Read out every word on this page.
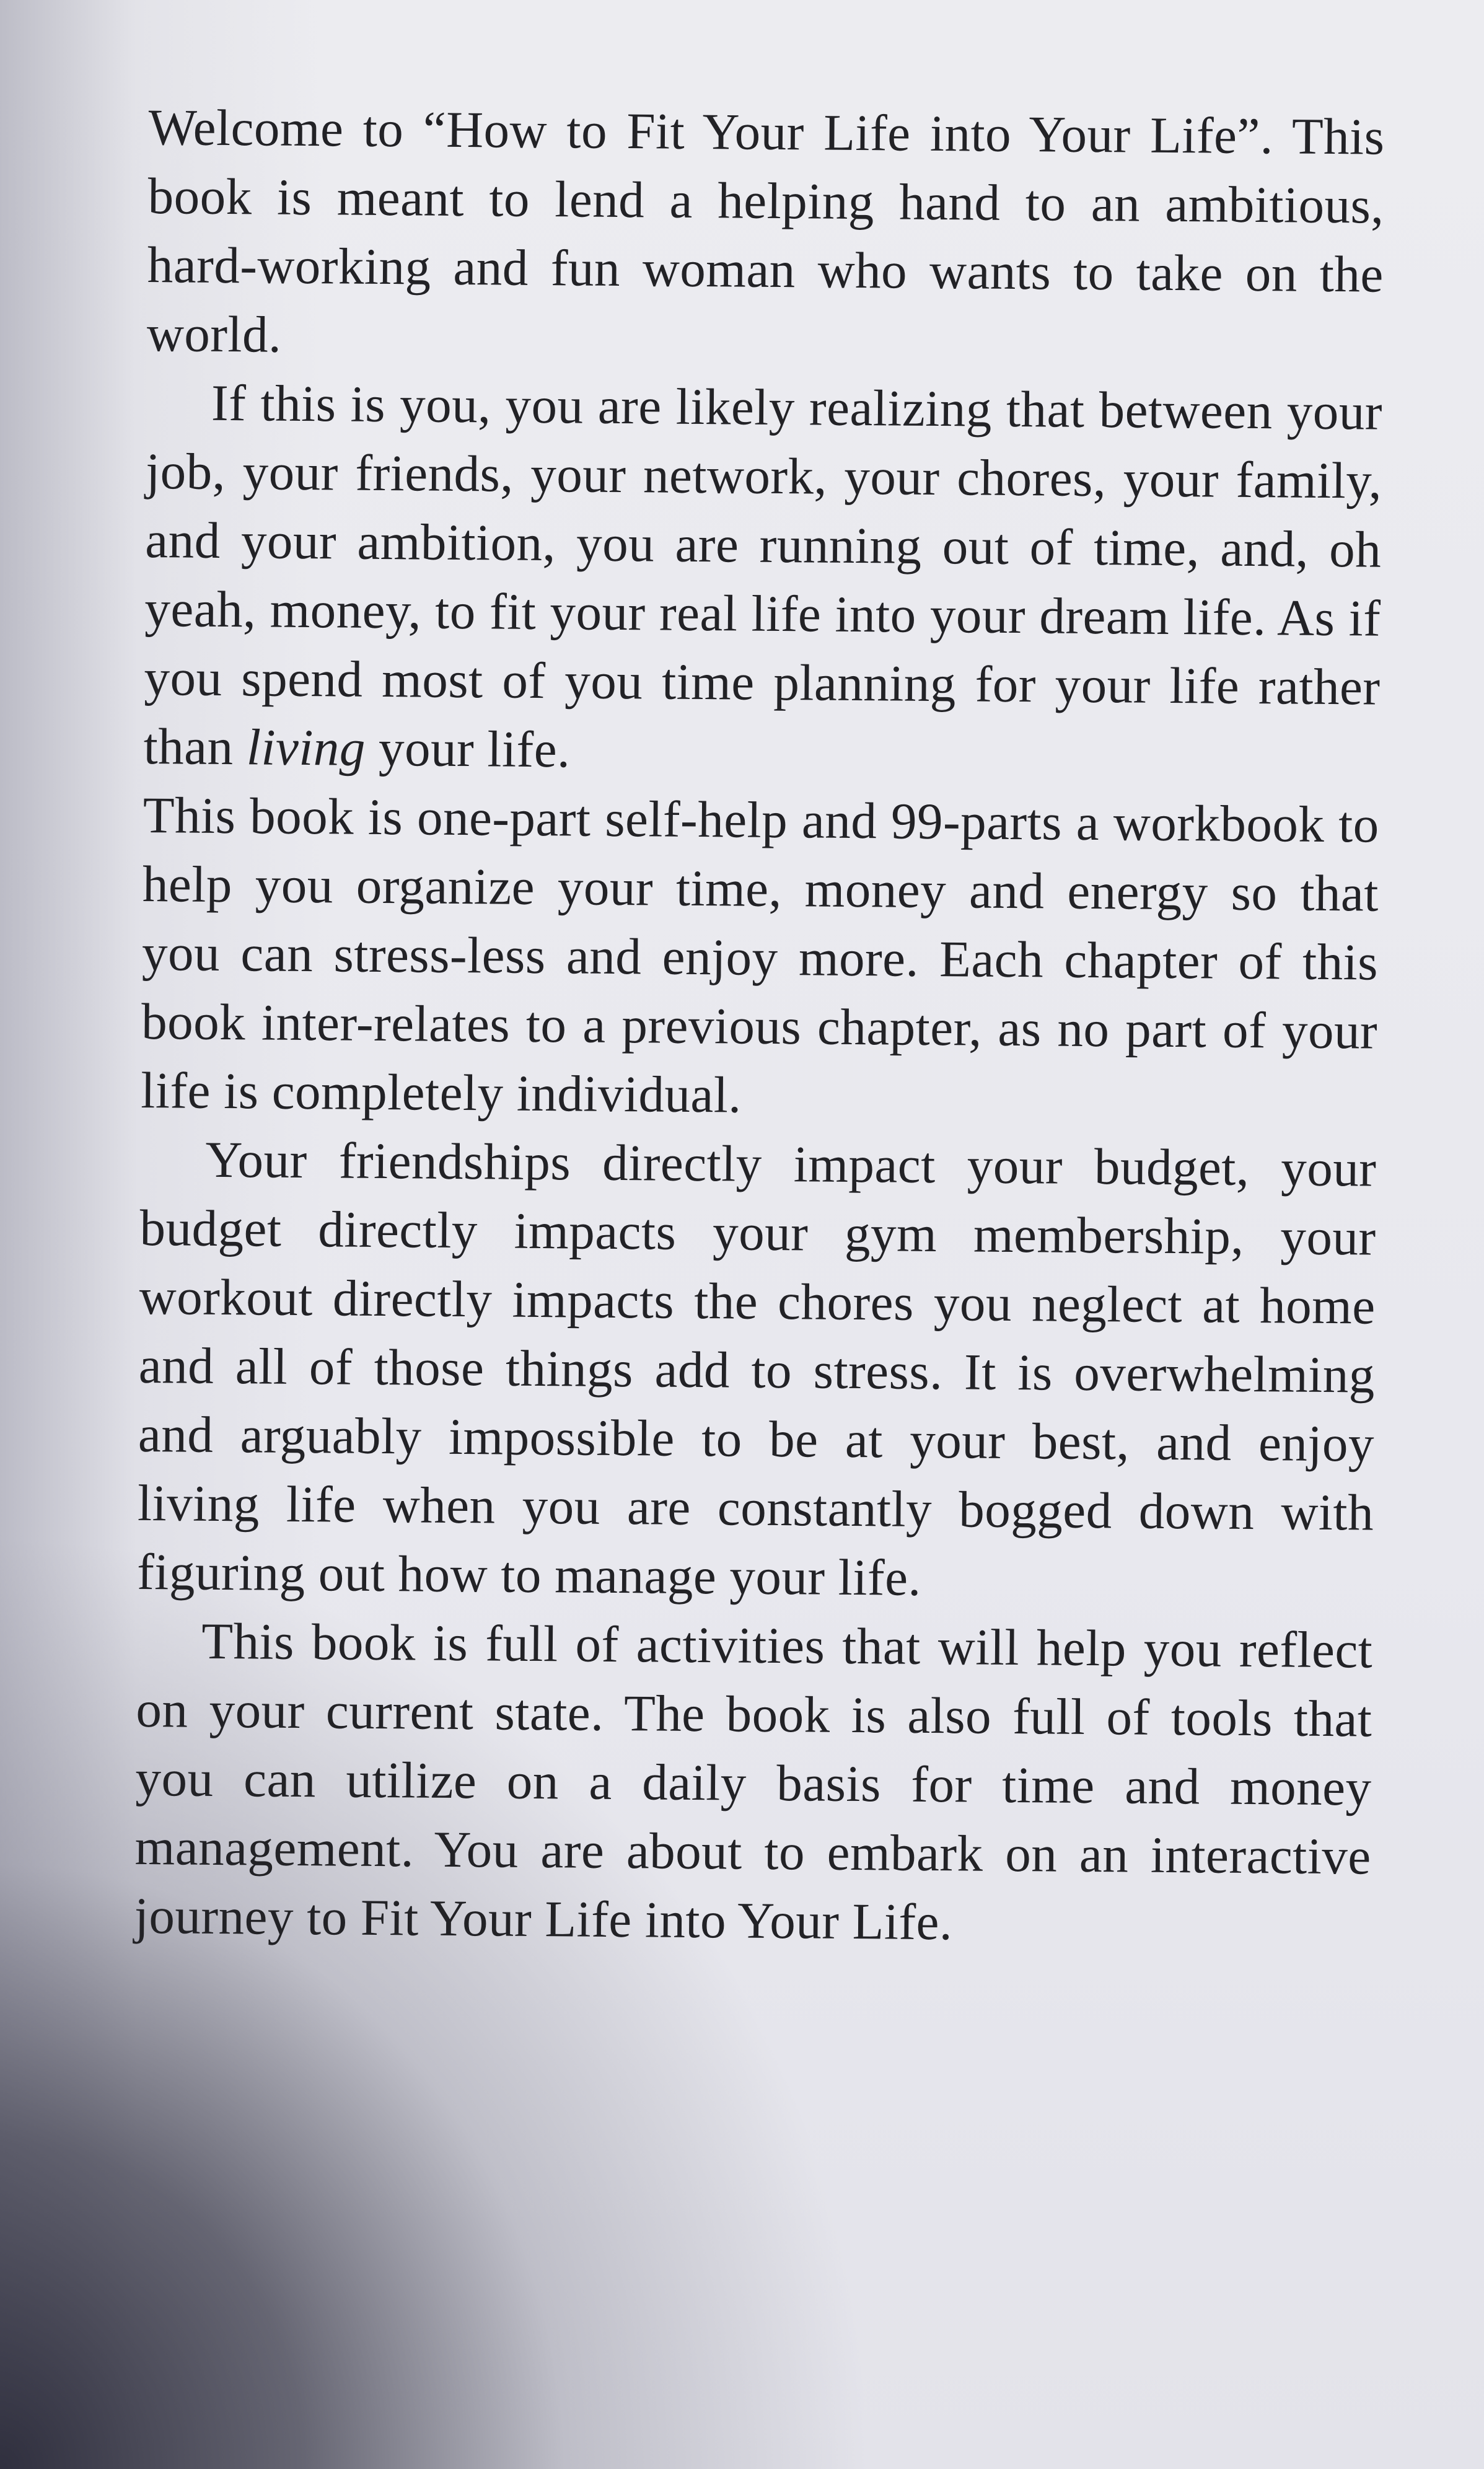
Welcome to “How to Fit Your Life into Your Life”. This book is meant to lend a helping hand to an ambitious, hard-working and fun woman who wants to take on the world.

If this is you, you are likely realizing that between your job, your friends, your network, your chores, your family, and your ambition, you are running out of time, and, oh yeah, money, to fit your real life into your dream life. As if you spend most of you time planning for your life rather than living your life.

This book is one-part self-help and 99-parts a workbook to help you organize your time, money and energy so that you can stress-less and enjoy more. Each chapter of this book inter-relates to a previous chapter, as no part of your life is completely individual.

Your friendships directly impact your budget, your budget directly impacts your gym membership, your workout directly impacts the chores you neglect at home and all of those things add to stress. It is overwhelming and arguably impossible to be at your best, and enjoy living life when you are constantly bogged down with figuring out how to manage your life.

This book is full of activities that will help you reflect on your current state. The book is also full of tools that you can utilize on a daily basis for time and money management. You are about to embark on an interactive journey to Fit Your Life into Your Life.
